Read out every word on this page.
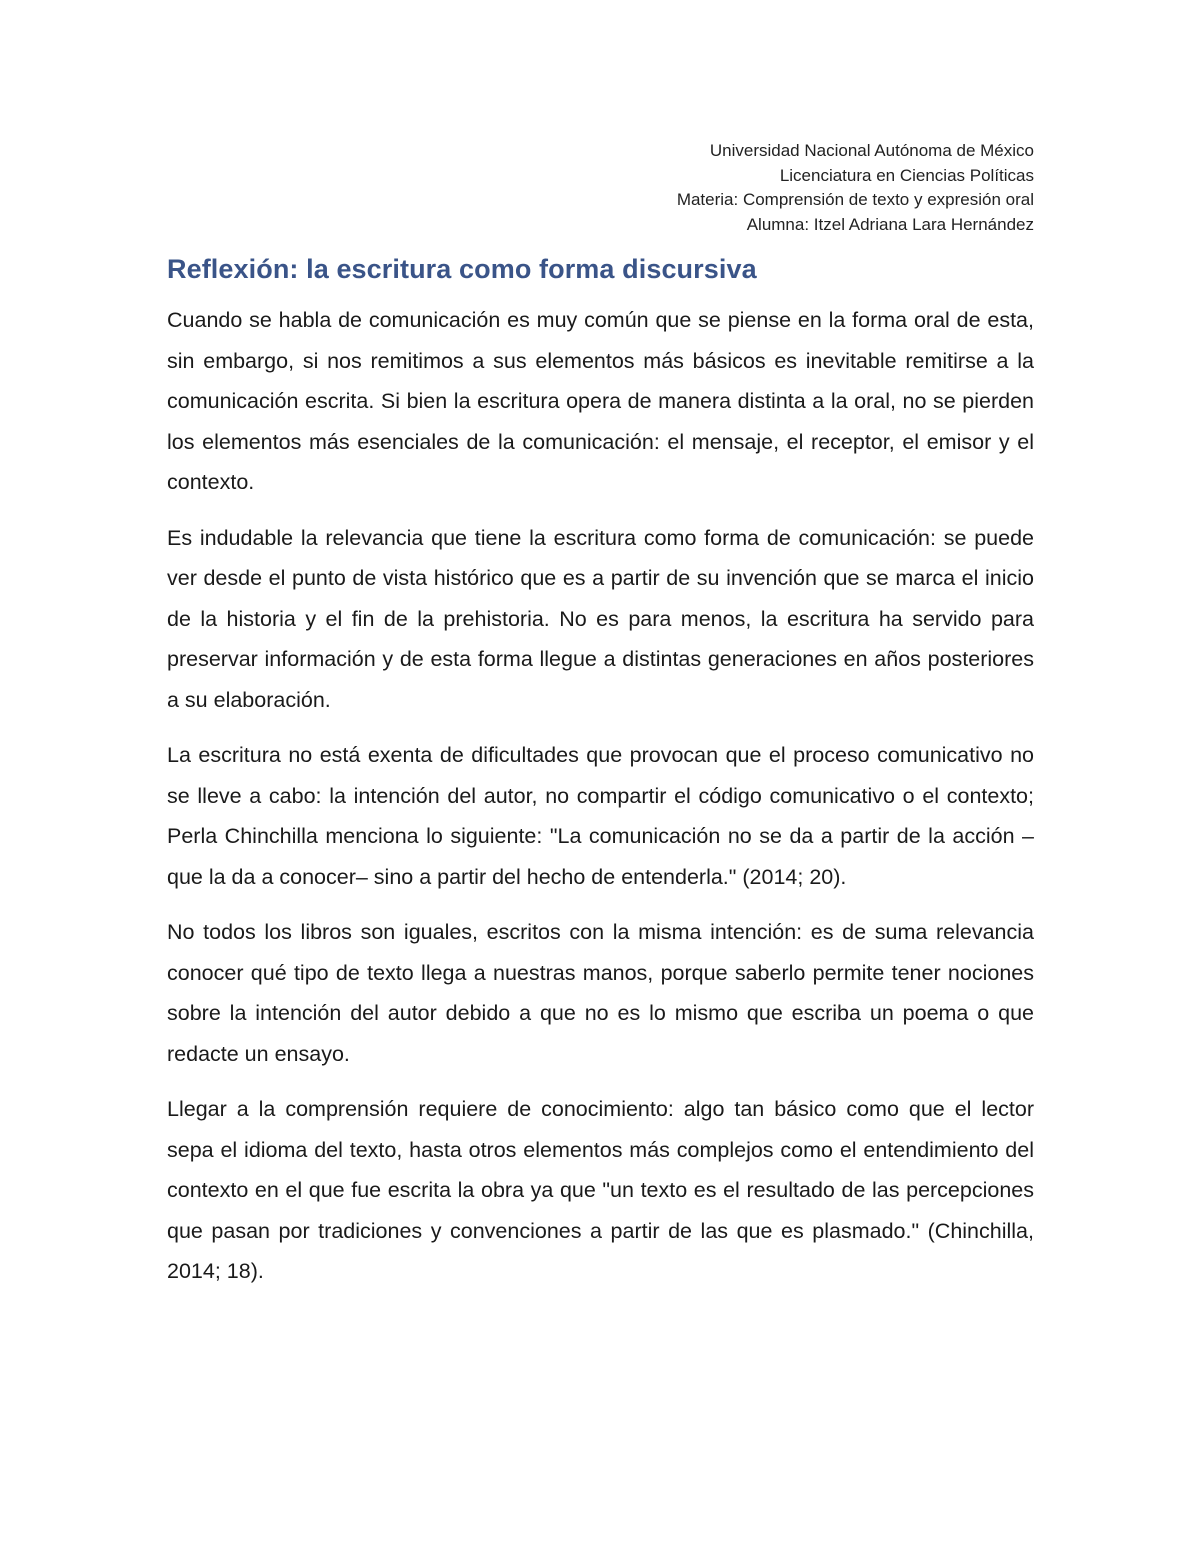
Universidad Nacional Autónoma de México
Licenciatura en Ciencias Políticas
Materia: Comprensión de texto y expresión oral
Alumna: Itzel Adriana Lara Hernández
Reflexión: la escritura como forma discursiva

Cuando se habla de comunicación es muy común que se piense en la forma oral de esta, sin embargo, si nos remitimos a sus elementos más básicos es inevitable remitirse a la comunicación escrita. Si bien la escritura opera de manera distinta a la oral, no se pierden los elementos más esenciales de la comunicación: el mensaje, el receptor, el emisor y el contexto.

Es indudable la relevancia que tiene la escritura como forma de comunicación: se puede ver desde el punto de vista histórico que es a partir de su invención que se marca el inicio de la historia y el fin de la prehistoria. No es para menos, la escritura ha servido para preservar información y de esta forma llegue a distintas generaciones en años posteriores a su elaboración.

La escritura no está exenta de dificultades que provocan que el proceso comunicativo no se lleve a cabo: la intención del autor, no compartir el código comunicativo o el contexto; Perla Chinchilla menciona lo siguiente: "La comunicación no se da a partir de la acción –que la da a conocer– sino a partir del hecho de entenderla." (2014; 20).

No todos los libros son iguales, escritos con la misma intención: es de suma relevancia conocer qué tipo de texto llega a nuestras manos, porque saberlo permite tener nociones sobre la intención del autor debido a que no es lo mismo que escriba un poema o que redacte un ensayo.

Llegar a la comprensión requiere de conocimiento: algo tan básico como que el lector sepa el idioma del texto, hasta otros elementos más complejos como el entendimiento del contexto en el que fue escrita la obra ya que "un texto es el resultado de las percepciones que pasan por tradiciones y convenciones a partir de las que es plasmado." (Chinchilla, 2014; 18).
